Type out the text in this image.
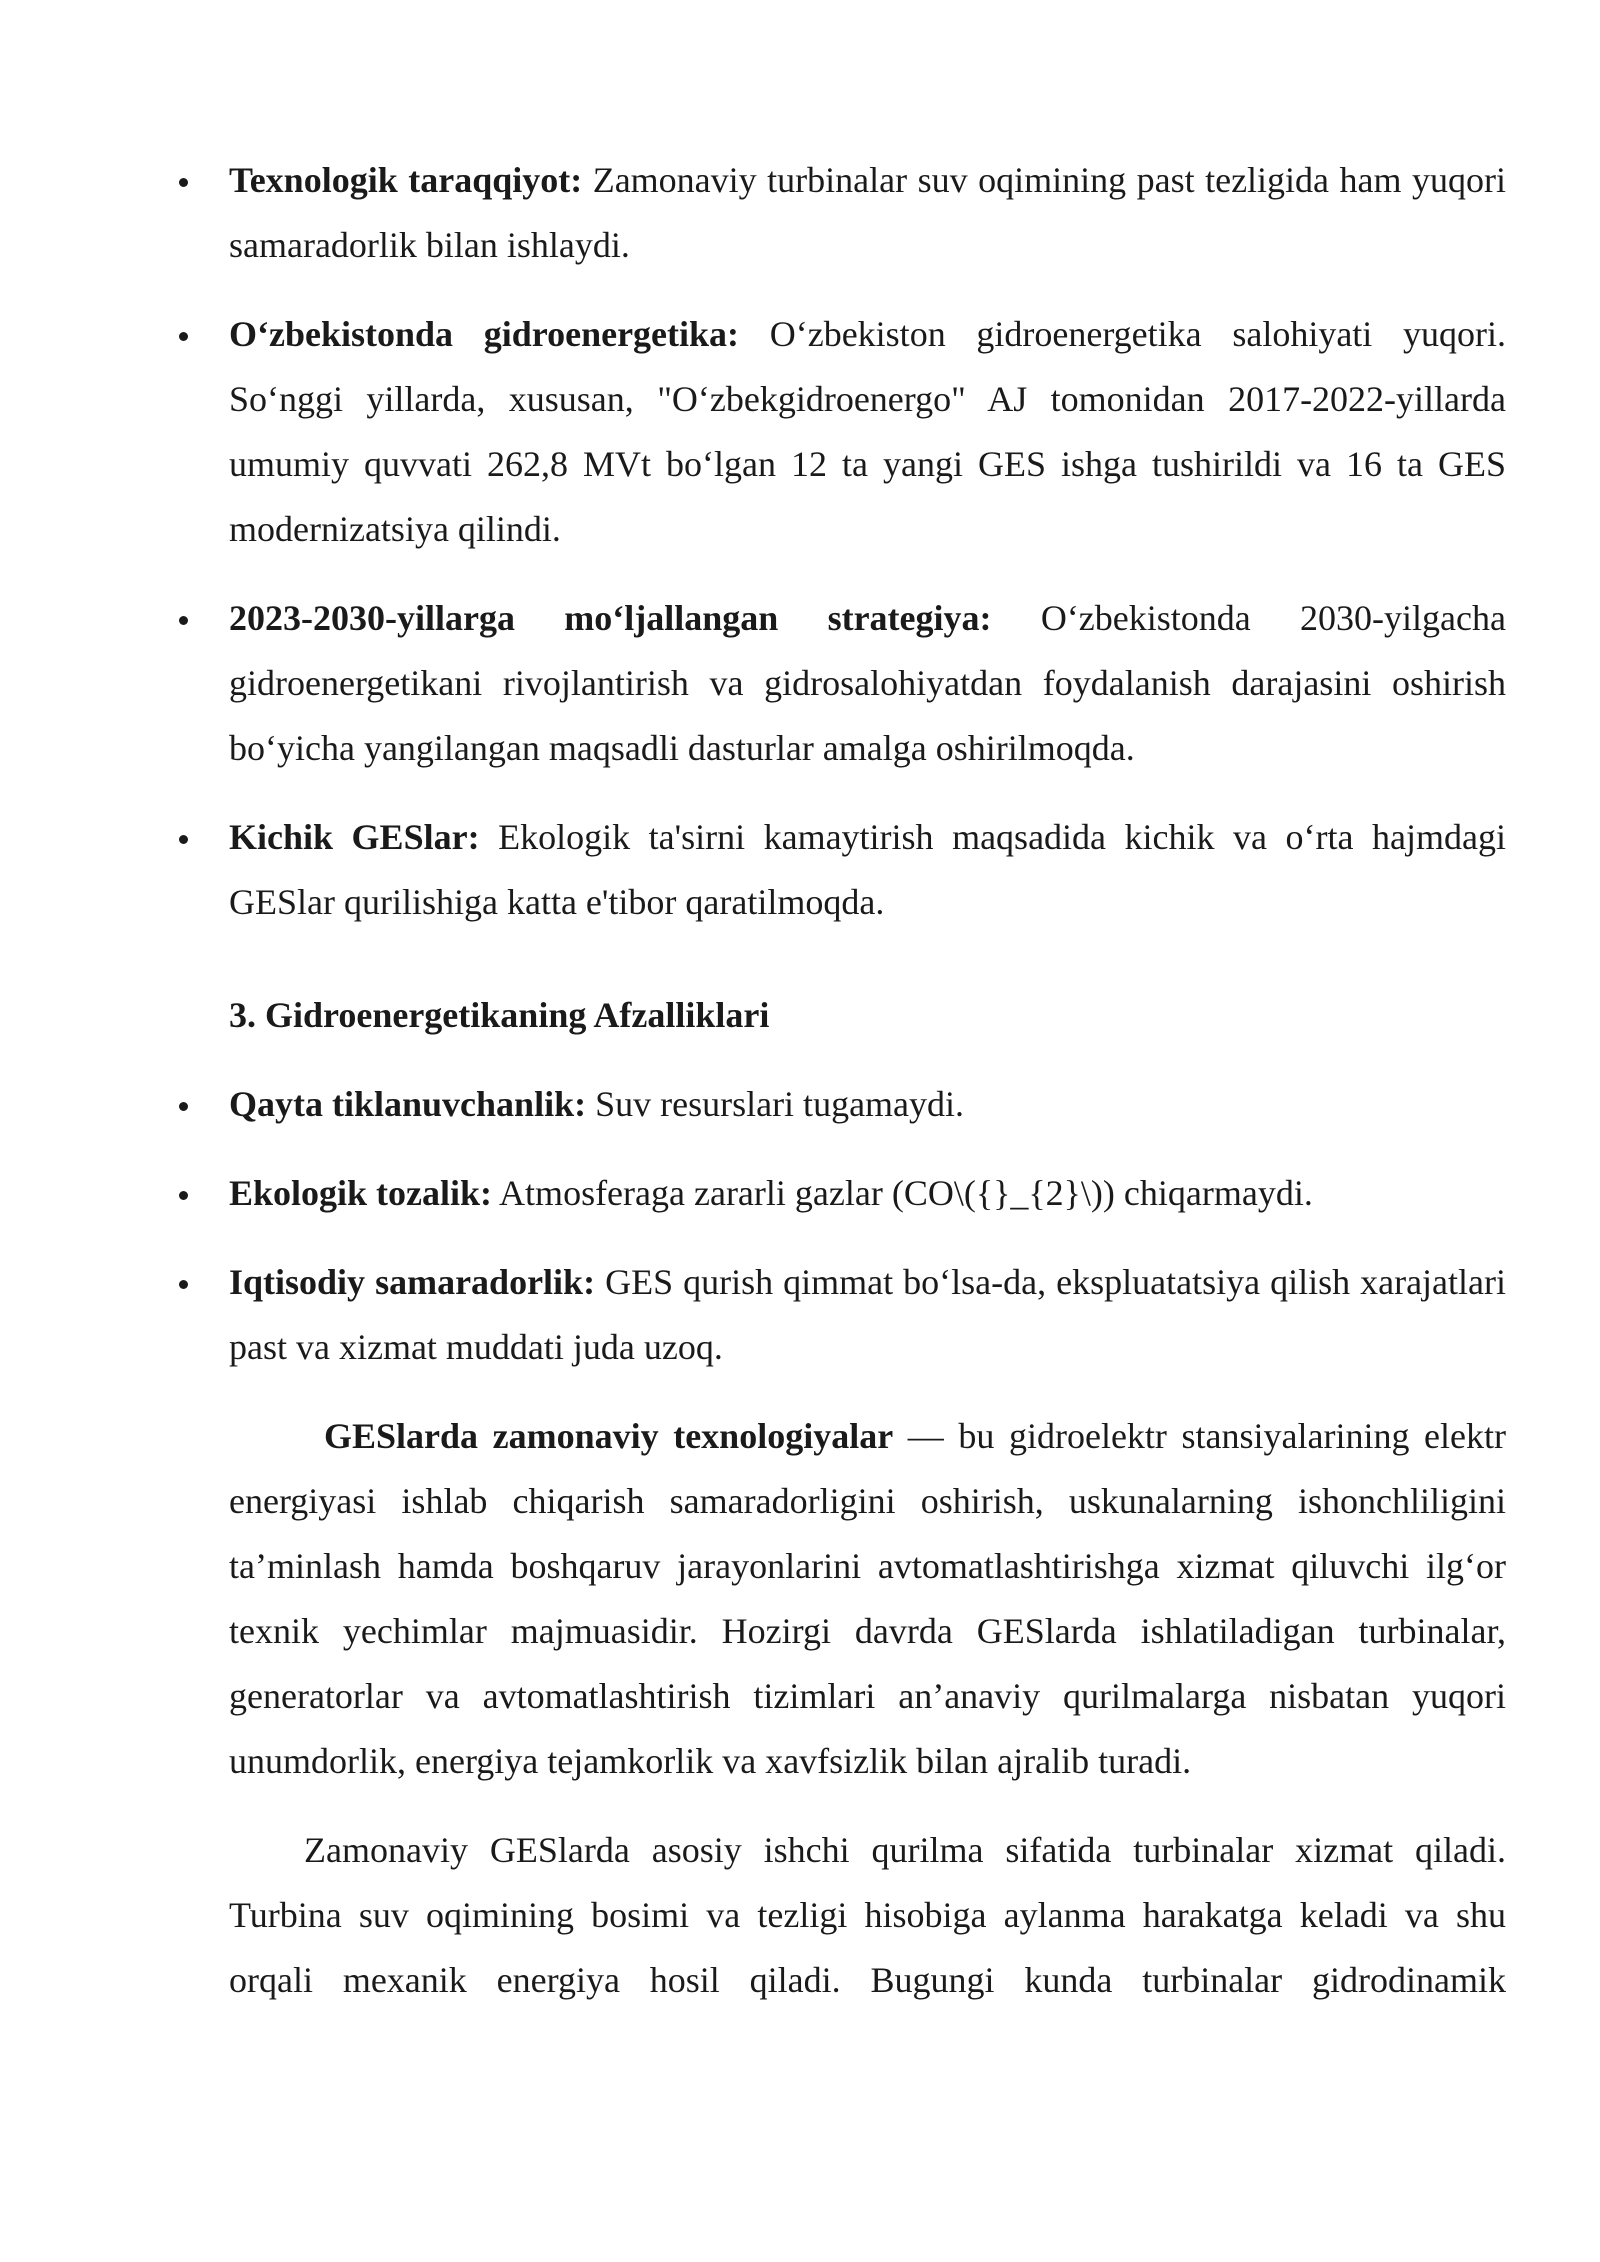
Texnologik taraqqiyot: Zamonaviy turbinalar suv oqimining past tezligida ham yuqori samaradorlik bilan ishlaydi.
O‘zbekistonda gidroenergetika: O‘zbekiston gidroenergetika salohiyati yuqori. So‘nggi yillarda, xususan, "O‘zbekgidroenergo" AJ tomonidan 2017-2022-yillarda umumiy quvvati 262,8 MVt bo‘lgan 12 ta yangi GES ishga tushirildi va 16 ta GES modernizatsiya qilindi.
2023-2030-yillarga mo‘ljallangan strategiya: O‘zbekistonda 2030-yilgacha gidroenergetikani rivojlantirish va gidrosalohiyatdan foydalanish darajasini oshirish bo‘yicha yangilangan maqsadli dasturlar amalga oshirilmoqda.
Kichik GESlar: Ekologik ta'sirni kamaytirish maqsadida kichik va o‘rta hajmdagi GESlar qurilishiga katta e'tibor qaratilmoqda.
3. Gidroenergetikaning Afzalliklari
Qayta tiklanuvchanlik: Suv resurslari tugamaydi.
Ekologik tozalik: Atmosferaga zararli gazlar (CO\({}_{2}\)) chiqarmaydi.
Iqtisodiy samaradorlik: GES qurish qimmat bo‘lsa-da, ekspluatatsiya qilish xarajatlari past va xizmat muddati juda uzoq.

GESlarda zamonaviy texnologiyalar — bu gidroelektr stansiyalarining elektr energiyasi ishlab chiqarish samaradorligini oshirish, uskunalarning ishonchliligini ta’minlash hamda boshqaruv jarayonlarini avtomatlashtirishga xizmat qiluvchi ilg‘or texnik yechimlar majmuasidir. Hozirgi davrda GESlarda ishlatiladigan turbinalar, generatorlar va avtomatlashtirish tizimlari an’anaviy qurilmalarga nisbatan yuqori unumdorlik, energiya tejamkorlik va xavfsizlik bilan ajralib turadi.

Zamonaviy GESlarda asosiy ishchi qurilma sifatida turbinalar xizmat qiladi. Turbina suv oqimining bosimi va tezligi hisobiga aylanma harakatga keladi va shu orqali mexanik energiya hosil qiladi. Bugungi kunda turbinalar gidrodinamik
